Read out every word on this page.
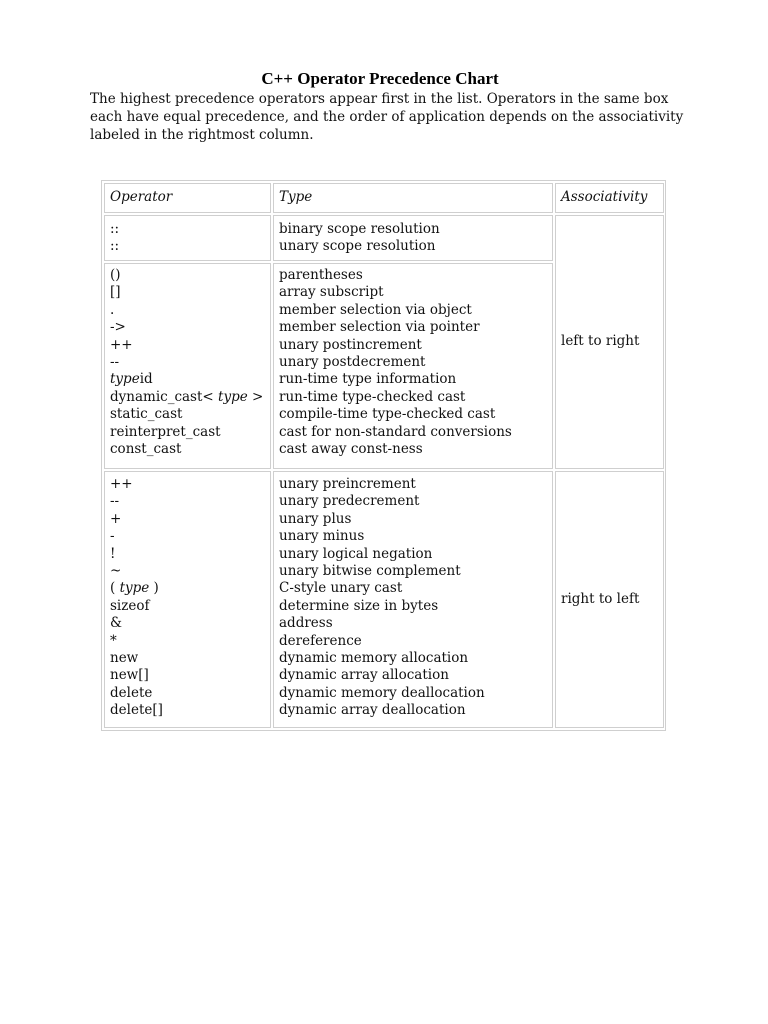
C++ Operator Precedence Chart
The highest precedence operators appear first in the list. Operators in the same box
each have equal precedence, and the order of application depends on the associativity
labeled in the rightmost column.
Operator	Type	Associativity
::
::
binary scope resolution
unary scope resolution
()
[]
.
->
++
--
typeid
dynamic_cast< type >
static_cast
reinterpret_cast
const_cast
parentheses
array subscript
member selection via object
member selection via pointer
unary postincrement
unary postdecrement
run-time type information
run-time type-checked cast
compile-time type-checked cast
cast for non-standard conversions
cast away const-ness
left to right
++
--
+
-
!
~
( type )
sizeof
&
*
new
new[]
delete
delete[]
unary preincrement
unary predecrement
unary plus
unary minus
unary logical negation
unary bitwise complement
C-style unary cast
determine size in bytes
address
dereference
dynamic memory allocation
dynamic array allocation
dynamic memory deallocation
dynamic array deallocation
right to left
